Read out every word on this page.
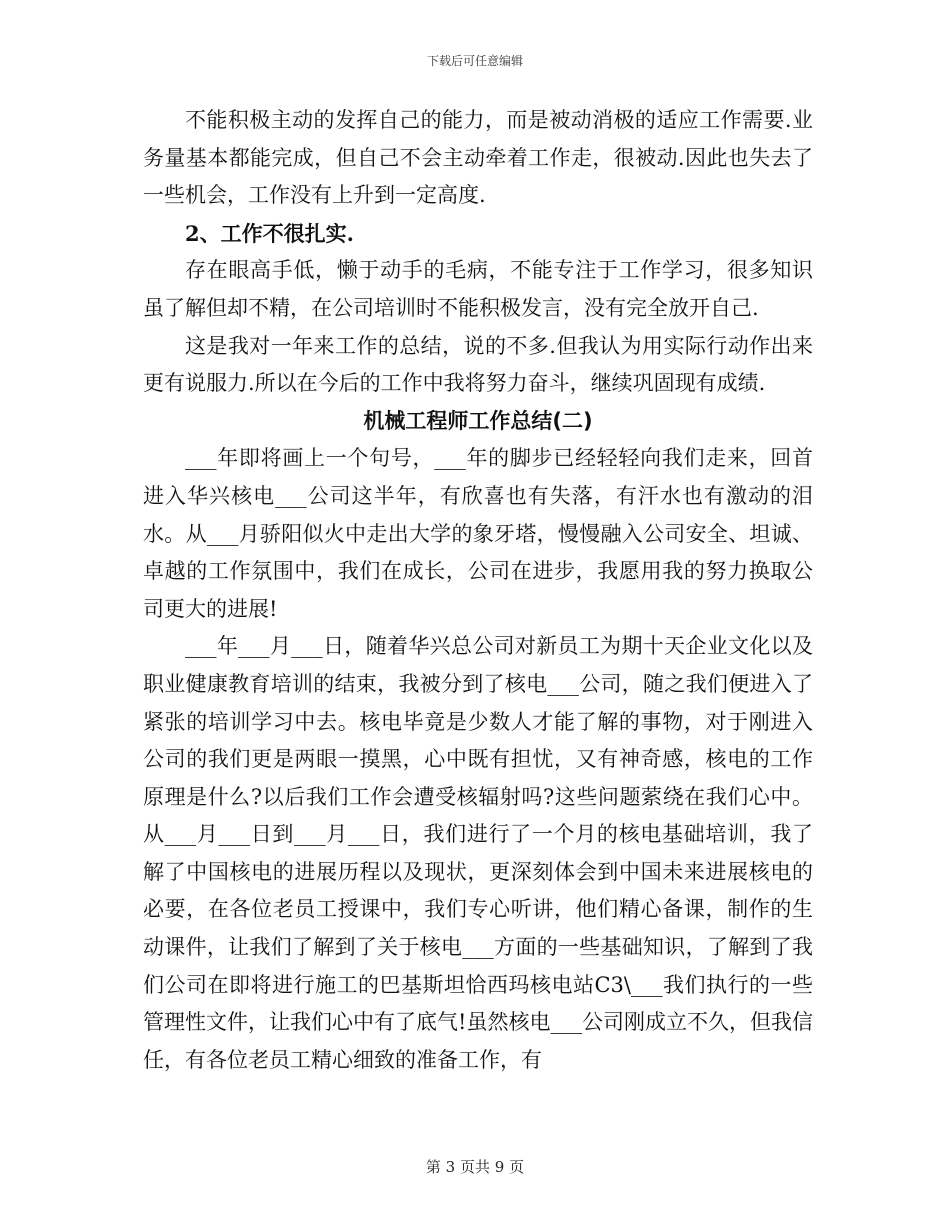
下载后可任意编辑

不能积极主动的发挥自己的能力，而是被动消极的适应工作需要.业务量基本都能完成，但自己不会主动牵着工作走，很被动.因此也失去了一些机会，工作没有上升到一定高度.

2、工作不很扎实.

存在眼高手低，懒于动手的毛病，不能专注于工作学习，很多知识虽了解但却不精，在公司培训时不能积极发言，没有完全放开自己.

这是我对一年来工作的总结，说的不多.但我认为用实际行动作出来更有说服力.所以在今后的工作中我将努力奋斗，继续巩固现有成绩.

机械工程师工作总结(二)

___年即将画上一个句号，___年的脚步已经轻轻向我们走来，回首进入华兴核电___公司这半年，有欣喜也有失落，有汗水也有激动的泪水。从___月骄阳似火中走出大学的象牙塔，慢慢融入公司安全、坦诚、卓越的工作氛围中，我们在成长，公司在进步，我愿用我的努力换取公司更大的进展!

___年___月___日，随着华兴总公司对新员工为期十天企业文化以及职业健康教育培训的结束，我被分到了核电___公司，随之我们便进入了紧张的培训学习中去。核电毕竟是少数人才能了解的事物，对于刚进入公司的我们更是两眼一摸黑，心中既有担忧，又有神奇感，核电的工作原理是什么?以后我们工作会遭受核辐射吗?这些问题萦绕在我们心中。从___月___日到___月___日，我们进行了一个月的核电基础培训，我了解了中国核电的进展历程以及现状，更深刻体会到中国未来进展核电的必要，在各位老员工授课中，我们专心听讲，他们精心备课，制作的生动课件，让我们了解到了关于核电___方面的一些基础知识，了解到了我们公司在即将进行施工的巴基斯坦恰西玛核电站C3\___我们执行的一些管理性文件，让我们心中有了底气!虽然核电___公司刚成立不久，但我信任，有各位老员工精心细致的准备工作，有

第 3 页共 9 页
